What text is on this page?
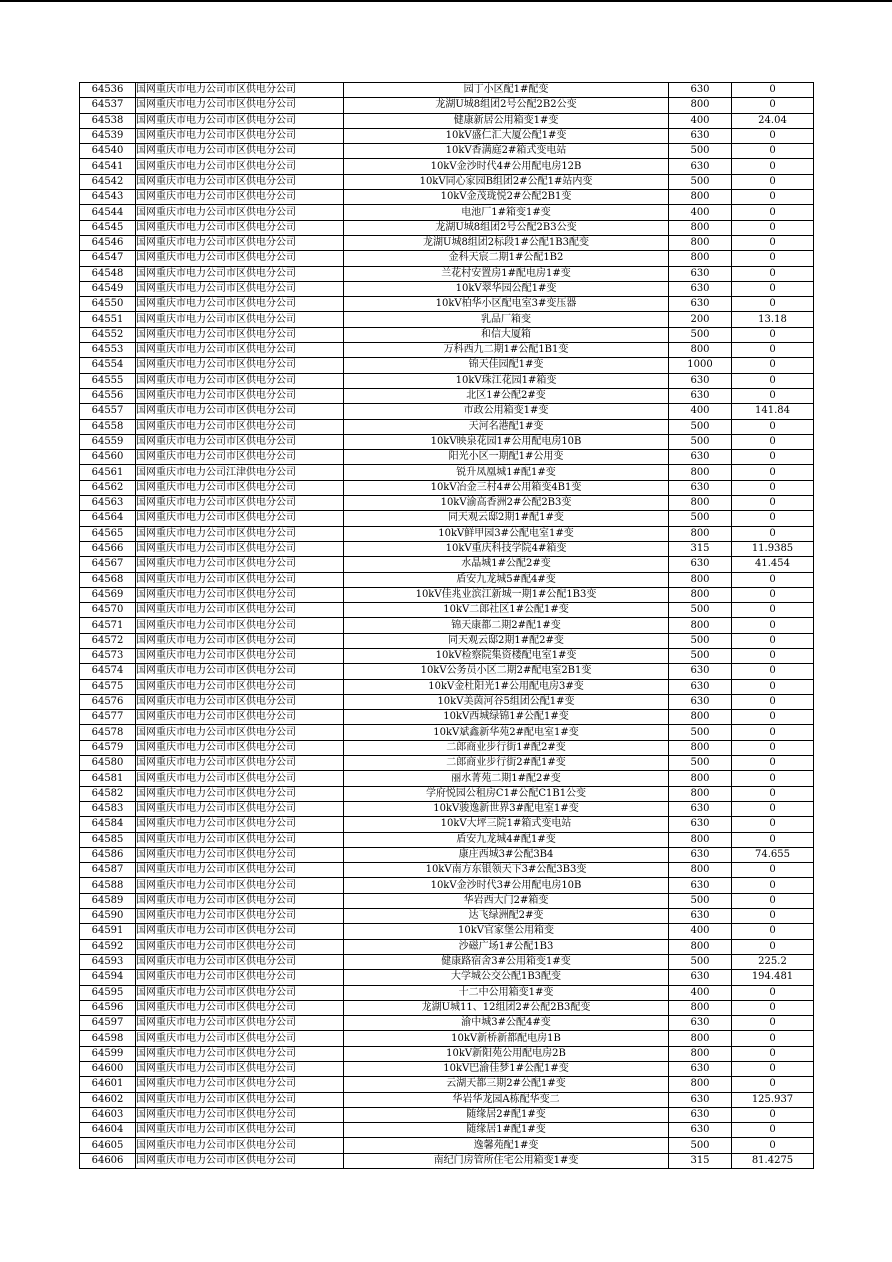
64536	国网重庆市电力公司市区供电分公司	园丁小区配1#配变	630	0
64537	国网重庆市电力公司市区供电分公司	龙湖U城8组团2号公配2B2公变	800	0
64538	国网重庆市电力公司市区供电分公司	健康新居公用箱变1#变	400	24.04
64539	国网重庆市电力公司市区供电分公司	10kV盛仁汇大厦公配1#变	630	0
64540	国网重庆市电力公司市区供电分公司	10kV香满庭2#箱式变电站	500	0
64541	国网重庆市电力公司市区供电分公司	10kV金沙时代4#公用配电房12B	630	0
64542	国网重庆市电力公司市区供电分公司	10kV同心家园B组团2#公配1#站内变	500	0
64543	国网重庆市电力公司市区供电分公司	10kV金茂珑悦2#公配2B1变	800	0
64544	国网重庆市电力公司市区供电分公司	电池厂1#箱变1#变	400	0
64545	国网重庆市电力公司市区供电分公司	龙湖U城8组团2号公配2B3公变	800	0
64546	国网重庆市电力公司市区供电分公司	龙湖U城8组团2标段1#公配1B3配变	800	0
64547	国网重庆市电力公司市区供电分公司	金科天宸二期1#公配1B2	800	0
64548	国网重庆市电力公司市区供电分公司	兰花村安置房1#配电房1#变	630	0
64549	国网重庆市电力公司市区供电分公司	10kV翠华园公配1#变	630	0
64550	国网重庆市电力公司市区供电分公司	10kV柏华小区配电室3#变压器	630	0
64551	国网重庆市电力公司市区供电分公司	乳品厂箱变	200	13.18
64552	国网重庆市电力公司市区供电分公司	和信大厦箱	500	0
64553	国网重庆市电力公司市区供电分公司	万科西九二期1#公配1B1变	800	0
64554	国网重庆市电力公司市区供电分公司	锦天佳园配1#变	1000	0
64555	国网重庆市电力公司市区供电分公司	10kV珠江花园1#箱变	630	0
64556	国网重庆市电力公司市区供电分公司	北区1#公配2#变	630	0
64557	国网重庆市电力公司市区供电分公司	市政公用箱变1#变	400	141.84
64558	国网重庆市电力公司市区供电分公司	天河名港配1#变	500	0
64559	国网重庆市电力公司市区供电分公司	10kV映泉花园1#公用配电房10B	500	0
64560	国网重庆市电力公司市区供电分公司	阳光小区一期配1#公用变	630	0
64561	国网重庆市电力公司江津供电分公司	锐升凤凰城1#配1#变	800	0
64562	国网重庆市电力公司市区供电分公司	10kV冶金三村4#公用箱变4B1变	630	0
64563	国网重庆市电力公司市区供电分公司	10kV渝高香洲2#公配2B3变	800	0
64564	国网重庆市电力公司市区供电分公司	同天观云邸2期1#配1#变	500	0
64565	国网重庆市电力公司市区供电分公司	10kV鲜甲园3#公配电室1#变	800	0
64566	国网重庆市电力公司市区供电分公司	10kV重庆科技学院4#箱变	315	11.9385
64567	国网重庆市电力公司市区供电分公司	水晶城1#公配2#变	630	41.454
64568	国网重庆市电力公司市区供电分公司	盾安九龙城5#配4#变	800	0
64569	国网重庆市电力公司市区供电分公司	10kV佳兆业滨江新城一期1#公配1B3变	800	0
64570	国网重庆市电力公司市区供电分公司	10kV二郎社区1#公配1#变	500	0
64571	国网重庆市电力公司市区供电分公司	锦天康都二期2#配1#变	800	0
64572	国网重庆市电力公司市区供电分公司	同天观云邸2期1#配2#变	500	0
64573	国网重庆市电力公司市区供电分公司	10kV检察院集资楼配电室1#变	500	0
64574	国网重庆市电力公司市区供电分公司	10kV公务员小区二期2#配电室2B1变	630	0
64575	国网重庆市电力公司市区供电分公司	10kV金杜阳光1#公用配电房3#变	630	0
64576	国网重庆市电力公司市区供电分公司	10kV美茵河谷5组团公配1#变	630	0
64577	国网重庆市电力公司市区供电分公司	10kV西城绿锦1#公配1#变	800	0
64578	国网重庆市电力公司市区供电分公司	10kV斌鑫新华苑2#配电室1#变	500	0
64579	国网重庆市电力公司市区供电分公司	二郎商业步行街1#配2#变	800	0
64580	国网重庆市电力公司市区供电分公司	二郎商业步行街2#配1#变	500	0
64581	国网重庆市电力公司市区供电分公司	丽水菁苑二期1#配2#变	800	0
64582	国网重庆市电力公司市区供电分公司	学府悦园公租房C1#公配C1B1公变	800	0
64583	国网重庆市电力公司市区供电分公司	10kV骏逸新世界3#配电室1#变	630	0
64584	国网重庆市电力公司市区供电分公司	10kV大坪三院1#箱式变电站	630	0
64585	国网重庆市电力公司市区供电分公司	盾安九龙城4#配1#变	800	0
64586	国网重庆市电力公司市区供电分公司	康庄西城3#公配3B4	630	74.655
64587	国网重庆市电力公司市区供电分公司	10kV南方东银领天下3#公配3B3变	800	0
64588	国网重庆市电力公司市区供电分公司	10kV金沙时代3#公用配电房10B	630	0
64589	国网重庆市电力公司市区供电分公司	华岩西大门2#箱变	500	0
64590	国网重庆市电力公司市区供电分公司	达飞绿洲配2#变	630	0
64591	国网重庆市电力公司市区供电分公司	10kV官家堡公用箱变	400	0
64592	国网重庆市电力公司市区供电分公司	沙磁广场1#公配1B3	800	0
64593	国网重庆市电力公司市区供电分公司	健康路宿舍3#公用箱变1#变	500	225.2
64594	国网重庆市电力公司市区供电分公司	大学城公交公配1B3配变	630	194.481
64595	国网重庆市电力公司市区供电分公司	十二中公用箱变1#变	400	0
64596	国网重庆市电力公司市区供电分公司	龙湖U城11、12组团2#公配2B3配变	800	0
64597	国网重庆市电力公司市区供电分公司	渝中城3#公配4#变	630	0
64598	国网重庆市电力公司市区供电分公司	10kV新桥新都配电房1B	800	0
64599	国网重庆市电力公司市区供电分公司	10kV新阳苑公用配电房2B	800	0
64600	国网重庆市电力公司市区供电分公司	10kV巴渝佳梦1#公配1#变	630	0
64601	国网重庆市电力公司市区供电分公司	云湖天都三期2#公配1#变	800	0
64602	国网重庆市电力公司市区供电分公司	华岩华龙园A栋配华变二	630	125.937
64603	国网重庆市电力公司市区供电分公司	随缘居2#配1#变	630	0
64604	国网重庆市电力公司市区供电分公司	随缘居1#配1#变	630	0
64605	国网重庆市电力公司市区供电分公司	逸馨苑配1#变	500	0
64606	国网重庆市电力公司市区供电分公司	南纪门房管所住宅公用箱变1#变	315	81.4275
